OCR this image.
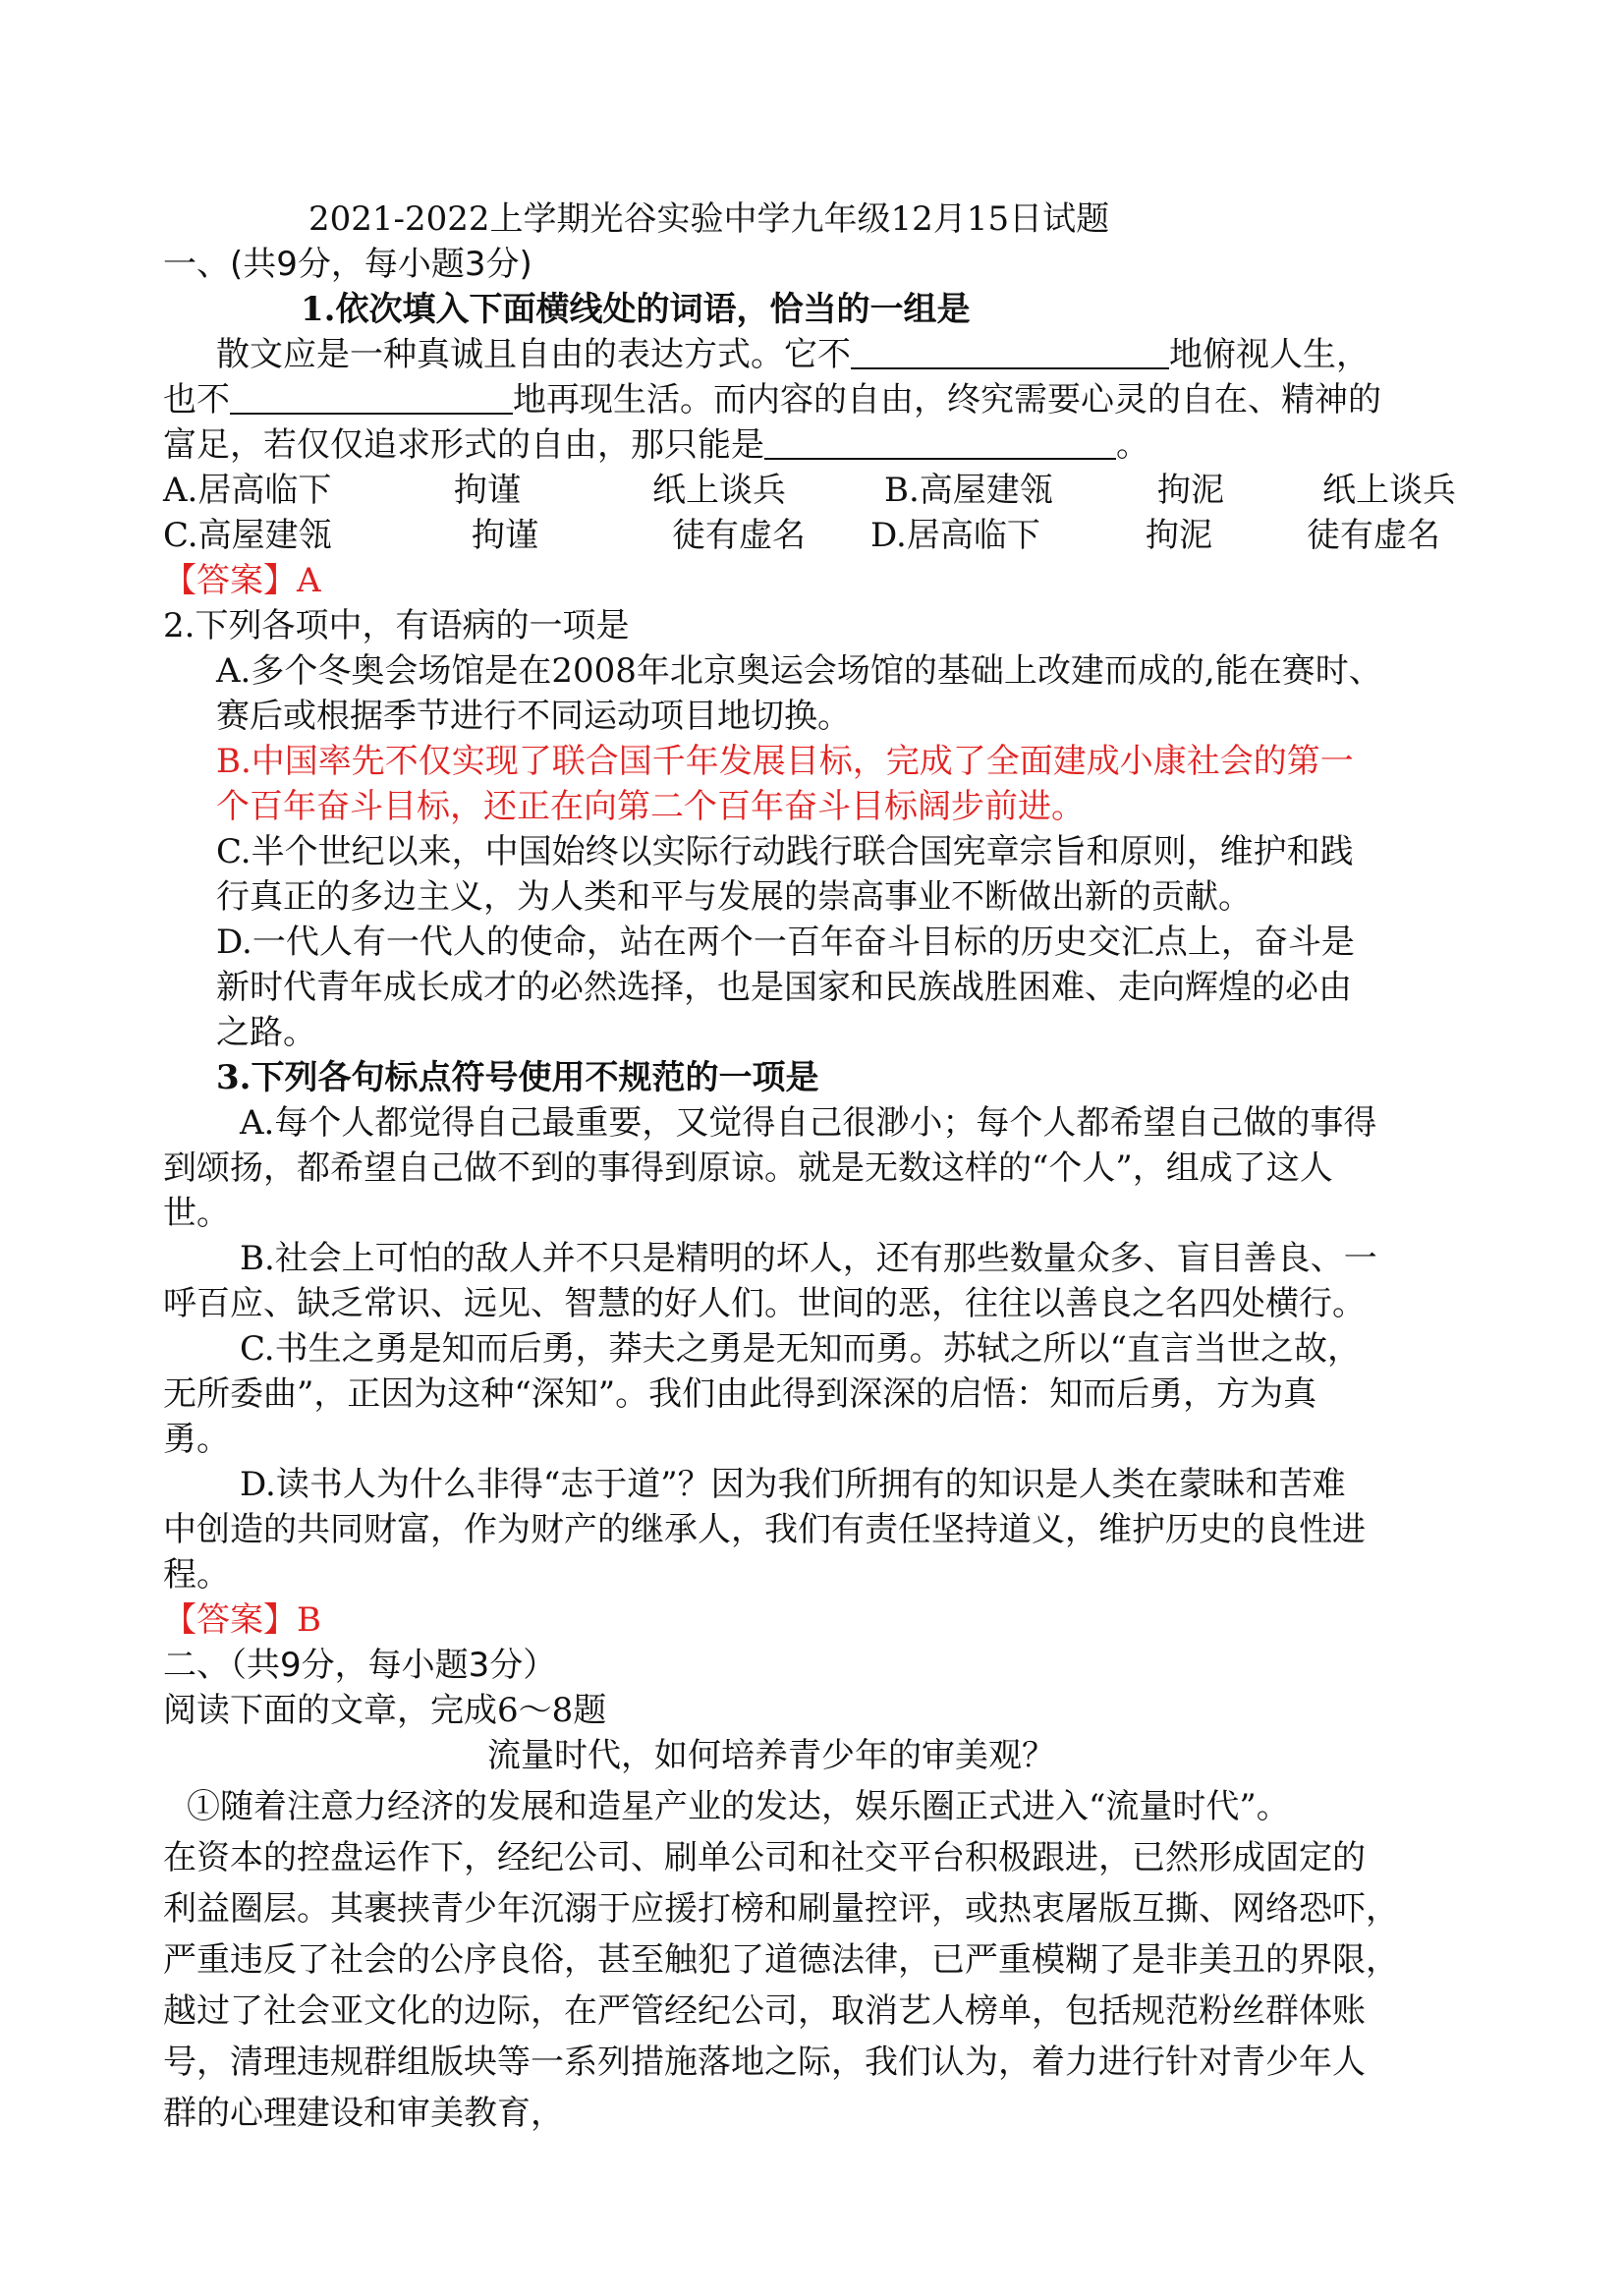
2021-2022上学期光谷实验中学九年级12月15日试题
一、(共9分，每小题3分)
1.依次填入下面横线处的词语，恰当的一组是
散文应是一种真诚且自由的表达方式。它不	地俯视人生，
也不	地再现生活。而内容的自由，终究需要心灵的自在、精神的
富足，若仅仅追求形式的自由，那只能是	。
A.居高临下	拘谨	纸上谈兵	B.高屋建瓴	拘泥	纸上谈兵
C.高屋建瓴	拘谨	徒有虚名 D.居高临下	拘泥	徒有虚名
【答案】A
2.下列各项中，有语病的一项是
A.多个冬奥会场馆是在2008年北京奥运会场馆的基础上改建而成的,能在赛时、
赛后或根据季节进行不同运动项目地切换。
B.中国率先不仅实现了联合国千年发展目标，完成了全面建成小康社会的第一
个百年奋斗目标，还正在向第二个百年奋斗目标阔步前进。
C.半个世纪以来，中国始终以实际行动践行联合国宪章宗旨和原则，维护和践
行真正的多边主义，为人类和平与发展的崇高事业不断做出新的贡献。
D.一代人有一代人的使命，站在两个一百年奋斗目标的历史交汇点上，奋斗是
新时代青年成长成才的必然选择，也是国家和民族战胜困难、走向辉煌的必由
之路。
3.下列各句标点符号使用不规范的一项是
A.每个人都觉得自己最重要，又觉得自己很渺小；每个人都希望自己做的事得
到颂扬，都希望自己做不到的事得到原谅。就是无数这样的“个人”，组成了这人
世。
B.社会上可怕的敌人并不只是精明的坏人，还有那些数量众多、盲目善良、一
呼百应、缺乏常识、远见、智慧的好人们。世间的恶，往往以善良之名四处横行。
C.书生之勇是知而后勇，莽夫之勇是无知而勇。苏轼之所以“直言当世之故，
无所委曲”，正因为这种“深知”。我们由此得到深深的启悟：知而后勇，方为真
勇。
D.读书人为什么非得“志于道”？因为我们所拥有的知识是人类在蒙昧和苦难
中创造的共同财富，作为财产的继承人，我们有责任坚持道义，维护历史的良性进
程。
【答案】B
二、（共9分，每小题3分）
阅读下面的文章，完成6～8题
流量时代，如何培养青少年的审美观？
①随着注意力经济的发展和造星产业的发达，娱乐圈正式进入“流量时代”。
在资本的控盘运作下，经纪公司、刷单公司和社交平台积极跟进，已然形成固定的
利益圈层。其裹挟青少年沉溺于应援打榜和刷量控评，或热衷屠版互撕、网络恐吓，
严重违反了社会的公序良俗，甚至触犯了道德法律，已严重模糊了是非美丑的界限，
越过了社会亚文化的边际，在严管经纪公司，取消艺人榜单，包括规范粉丝群体账
号，清理违规群组版块等一系列措施落地之际，我们认为，着力进行针对青少年人
群的心理建设和审美教育，
